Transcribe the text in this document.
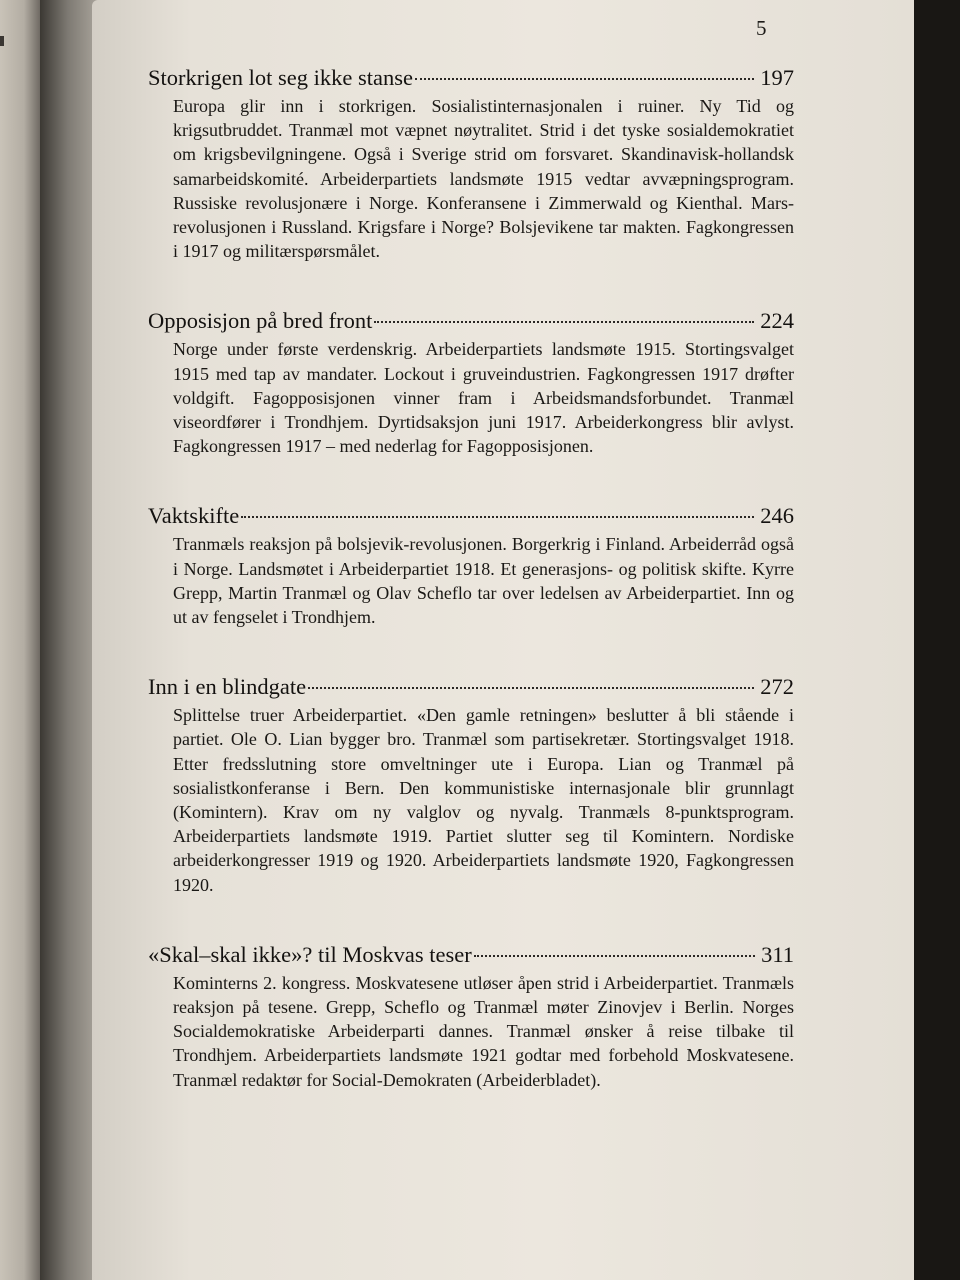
5
Storkrigen lot seg ikke stanse	197
Europa glir inn i storkrigen. Sosialistinternasjonalen i ruiner. Ny Tid og krigsutbruddet. Tranmæl mot væpnet nøytralitet. Strid i det tyske sosialdemokratiet om krigsbevilgningene. Også i Sverige strid om forsvaret. Skandinavisk-hollandsk samarbeidskomité. Arbeiderpartiets landsmøte 1915 vedtar avvæpningsprogram. Russiske revolusjonære i Norge. Konferansene i Zimmerwald og Kienthal. Mars-revolusjonen i Russland. Krigsfare i Norge? Bolsjevikene tar makten. Fagkongressen i 1917 og militærspørsmålet.
Opposisjon på bred front	224
Norge under første verdenskrig. Arbeiderpartiets landsmøte 1915. Stortingsvalget 1915 med tap av mandater. Lockout i gruveindustrien. Fagkongressen 1917 drøfter voldgift. Fagopposisjonen vinner fram i Arbeidsmandsforbundet. Tranmæl viseordfører i Trondhjem. Dyrtidsaksjon juni 1917. Arbeiderkongress blir avlyst. Fagkongressen 1917 – med nederlag for Fagopposisjonen.
Vaktskifte	246
Tranmæls reaksjon på bolsjevik-revolusjonen. Borgerkrig i Finland. Arbeiderråd også i Norge. Landsmøtet i Arbeiderpartiet 1918. Et generasjons- og politisk skifte. Kyrre Grepp, Martin Tranmæl og Olav Scheflo tar over ledelsen av Arbeiderpartiet. Inn og ut av fengselet i Trondhjem.
Inn i en blindgate	272
Splittelse truer Arbeiderpartiet. «Den gamle retningen» beslutter å bli stående i partiet. Ole O. Lian bygger bro. Tranmæl som partisekretær. Stortingsvalget 1918. Etter fredsslutning store omveltninger ute i Europa. Lian og Tranmæl på sosialistkonferanse i Bern. Den kommunistiske internasjonale blir grunnlagt (Komintern). Krav om ny valglov og nyvalg. Tranmæls 8-punktsprogram. Arbeiderpartiets landsmøte 1919. Partiet slutter seg til Komintern. Nordiske arbeiderkongresser 1919 og 1920. Arbeiderpartiets landsmøte 1920, Fagkongressen 1920.
«Skal–skal ikke»? til Moskvas teser	311
Kominterns 2. kongress. Moskvatesene utløser åpen strid i Arbeiderpartiet. Tranmæls reaksjon på tesene. Grepp, Scheflo og Tranmæl møter Zinovjev i Berlin. Norges Socialdemokratiske Arbeiderparti dannes. Tranmæl ønsker å reise tilbake til Trondhjem. Arbeiderpartiets landsmøte 1921 godtar med forbehold Moskvatesene. Tranmæl redaktør for Social-Demokraten (Arbeiderbladet).
